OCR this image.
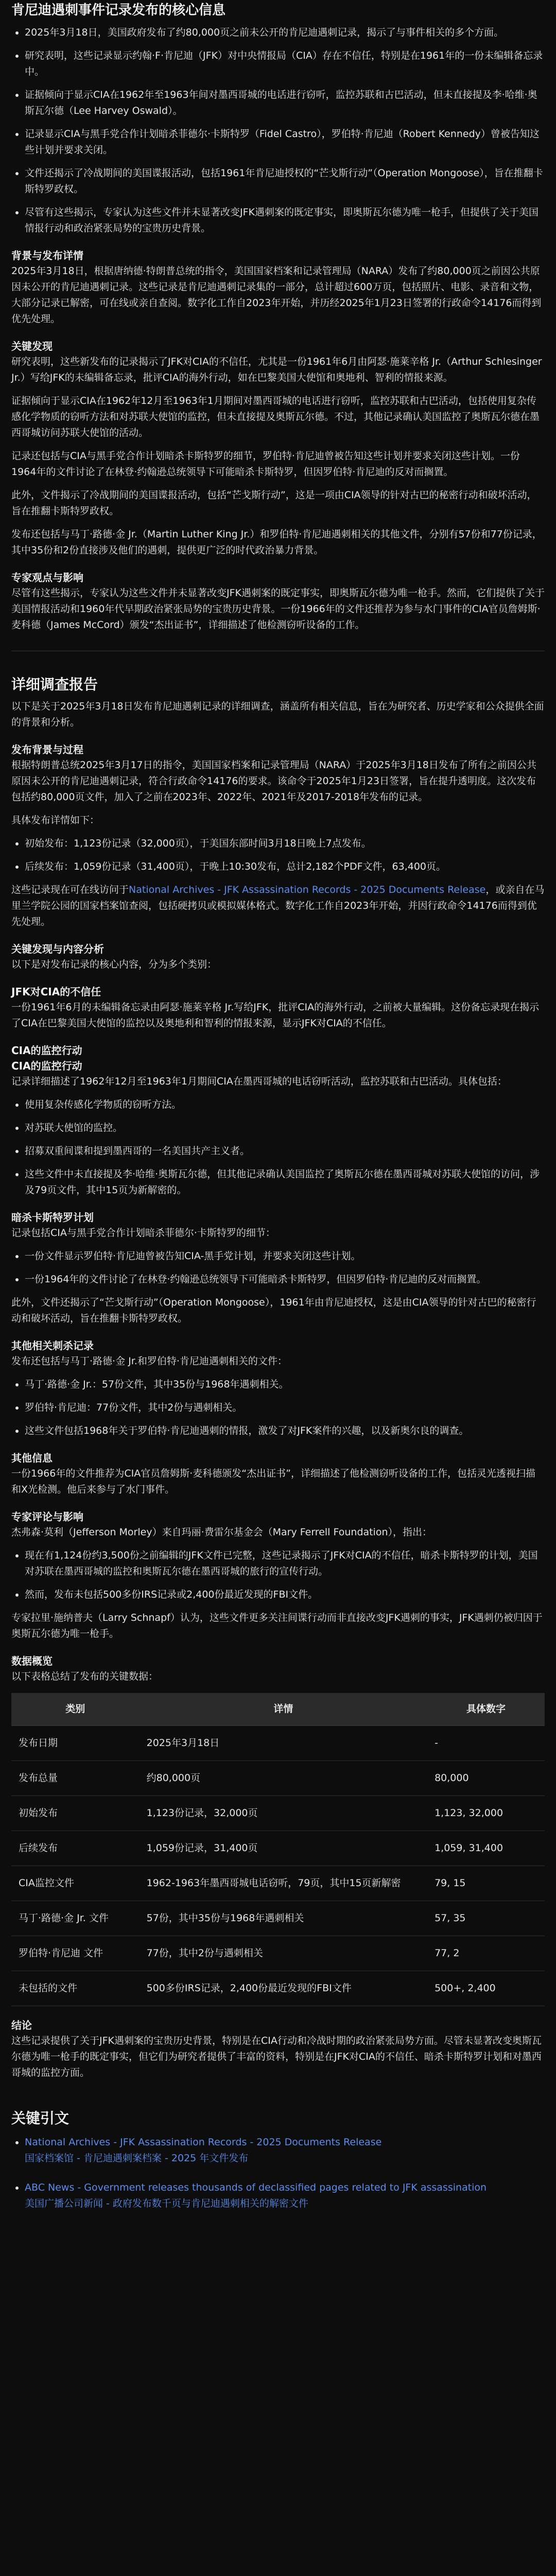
肯尼迪遇刺事件记录发布的核心信息
• 2025年3月18日，美国政府发布了约80,000页之前未公开的肯尼迪遇刺记录，揭示了与事件相关的多个方面。
• 研究表明，这些记录显示约翰·F·肯尼迪（JFK）对中央情报局（CIA）存在不信任，特别是在1961年的一份未编辑备忘录中。
• 证据倾向于显示CIA在1962年至1963年间对墨西哥城的电话进行窃听，监控苏联和古巴活动，但未直接提及李·哈维·奥斯瓦尔德（Lee Harvey Oswald）。
• 记录显示CIA与黑手党合作计划暗杀菲德尔·卡斯特罗（Fidel Castro），罗伯特·肯尼迪（Robert Kennedy）曾被告知这些计划并要求关闭。
• 文件还揭示了冷战期间的美国谍报活动，包括1961年肯尼迪授权的“芒戈斯行动”（Operation Mongoose），旨在推翻卡斯特罗政权。
• 尽管有这些揭示，专家认为这些文件并未显著改变JFK遇刺案的既定事实，即奥斯瓦尔德为唯一枪手，但提供了关于美国情报行动和政治紧张局势的宝贵历史背景。
背景与发布详情

2025年3月18日，根据唐纳德·特朗普总统的指令，美国国家档案和记录管理局（NARA）发布了约80,000页之前因公共原因未公开的肯尼迪遇刺记录。这些记录是肯尼迪遇刺记录集的一部分，总计超过600万页，包括照片、电影、录音和文物，大部分记录已解密，可在线或亲自查阅。数字化工作自2023年开始，并历经2025年1月23日签署的行政命令14176而得到优先处理。

关键发现

研究表明，这些新发布的记录揭示了JFK对CIA的不信任，尤其是一份1961年6月由阿瑟·施莱辛格 Jr.（Arthur Schlesinger Jr.）写给JFK的未编辑备忘录，批评CIA的海外行动，如在巴黎美国大使馆和奥地利、智利的情报来源。

证据倾向于显示CIA在1962年12月至1963年1月期间对墨西哥城的电话进行窃听，监控苏联和古巴活动，包括使用复杂传感化学物质的窃听方法和对苏联大使馆的监控，但未直接提及奥斯瓦尔德。不过，其他记录确认美国监控了奥斯瓦尔德在墨西哥城访问苏联大使馆的活动。

记录还包括与CIA与黑手党合作计划暗杀卡斯特罗的细节，罗伯特·肯尼迪曾被告知这些计划并要求关闭这些计划。一份1964年的文件讨论了在林登·约翰逊总统领导下可能暗杀卡斯特罗，但因罗伯特·肯尼迪的反对而搁置。

此外，文件揭示了冷战期间的美国谍报活动，包括“芒戈斯行动”，这是一项由CIA领导的针对古巴的秘密行动和破坏活动，旨在推翻卡斯特罗政权。

发布还包括与马丁·路德·金 Jr.（Martin Luther King Jr.）和罗伯特·肯尼迪遇刺相关的其他文件，分别有57份和77份记录，其中35份和2份直接涉及他们的遇刺，提供更广泛的时代政治暴力背景。

专家观点与影响

尽管有这些揭示，专家认为这些文件并未显著改变JFK遇刺案的既定事实，即奥斯瓦尔德为唯一枪手。然而，它们提供了关于美国情报活动和1960年代早期政治紧张局势的宝贵历史背景。一份1966年的文件还推荐为参与水门事件的CIA官员詹姆斯·麦科德（James McCord）颁发“杰出证书”，详细描述了他检测窃听设备的工作。

详细调查报告

以下是关于2025年3月18日发布肯尼迪遇刺记录的详细调查，涵盖所有相关信息，旨在为研究者、历史学家和公众提供全面的背景和分析。

发布背景与过程

根据特朗普总统2025年3月17日的指令，美国国家档案和记录管理局（NARA）于2025年3月18日发布了所有之前因公共原因未公开的肯尼迪遇刺记录，符合行政命令14176的要求。该命令于2025年1月23日签署，旨在提升透明度。这次发布包括约80,000页文件，加入了之前在2023年、2022年、2021年及2017-2018年发布的记录。

具体发布详情如下：

• 初始发布：1,123份记录（32,000页），于美国东部时间3月18日晚上7点发布。
• 后续发布：1,059份记录（31,400页），于晚上10:30发布，总计2,182个PDF文件，63,400页。

这些记录现在可在线访问于National Archives - JFK Assassination Records - 2025 Documents Release，或亲自在马里兰学院公园的国家档案馆查阅，包括硬拷贝或模拟媒体格式。数字化工作自2023年开始，并因行政命令14176而得到优先处理。

关键发现与内容分析

以下是对发布记录的核心内容，分为多个类别：

JFK对CIA的不信任

一份1961年6月的未编辑备忘录由阿瑟·施莱辛格 Jr.写给JFK，批评CIA的海外行动，之前被大量编辑。这份备忘录现在揭示了CIA在巴黎美国大使馆的监控以及奥地利和智利的情报来源，显示JFK对CIA的不信任。

CIA的监控行动
CIA的监控行动

记录详细描述了1962年12月至1963年1月期间CIA在墨西哥城的电话窃听活动，监控苏联和古巴活动。具体包括：

• 使用复杂传感化学物质的窃听方法。
• 对苏联大使馆的监控。
• 招募双重间谍和提到墨西哥的一名美国共产主义者。
• 这些文件中未直接提及李·哈维·奥斯瓦尔德，但其他记录确认美国监控了奥斯瓦尔德在墨西哥城对苏联大使馆的访问，涉及79页文件，其中15页为新解密的。
暗杀卡斯特罗计划

记录包括CIA与黑手党合作计划暗杀菲德尔·卡斯特罗的细节：

• 一份文件显示罗伯特·肯尼迪曾被告知CIA-黑手党计划，并要求关闭这些计划。
• 一份1964年的文件讨论了在林登·约翰逊总统领导下可能暗杀卡斯特罗，但因罗伯特·肯尼迪的反对而搁置。

此外，文件还揭示了“芒戈斯行动”（Operation Mongoose），1961年由肯尼迪授权，这是由CIA领导的针对古巴的秘密行动和破坏活动，旨在推翻卡斯特罗政权。

其他相关刺杀记录

发布还包括与马丁·路德·金 Jr.和罗伯特·肯尼迪遇刺相关的文件：

• 马丁·路德·金 Jr.：57份文件，其中35份与1968年遇刺相关。
• 罗伯特·肯尼迪：77份文件，其中2份与遇刺相关。
• 这些文件包括1968年关于罗伯特·肯尼迪遇刺的情报，激发了对JFK案件的兴趣，以及新奥尔良的调查。
其他信息

一份1966年的文件推荐为CIA官员詹姆斯·麦科德颁发“杰出证书”，详细描述了他检测窃听设备的工作，包括灵光透视扫描和X光检测。他后来参与了水门事件。

专家评论与影响

杰弗森·莫利（Jefferson Morley）来自玛丽·费雷尔基金会（Mary Ferrell Foundation），指出：

• 现在有1,124份约3,500份之前编辑的JFK文件已完整，这些记录揭示了JFK对CIA的不信任，暗杀卡斯特罗的计划，美国对苏联在墨西哥城的监控和奥斯瓦尔德在墨西哥城的旅行的宣传行动。
• 然而，发布未包括500多份IRS记录或2,400份最近发现的FBI文件。

专家拉里·施纳普夫（Larry Schnapf）认为，这些文件更多关注间谍行动而非直接改变JFK遇刺的事实，JFK遇刺仍被归因于奥斯瓦尔德为唯一枪手。

数据概览

以下表格总结了发布的关键数据：

类别	详情	具体数字
发布日期	2025年3月18日	-
发布总量	约80,000页	80,000
初始发布	1,123份记录，32,000页	1,123, 32,000
后续发布	1,059份记录，31,400页	1,059, 31,400
CIA监控文件	1962-1963年墨西哥城电话窃听，79页，其中15页新解密	79, 15
马丁·路德·金 Jr. 文件	57份，其中35份与1968年遇刺相关	57, 35
罗伯特·肯尼迪 文件	77份，其中2份与遇刺相关	77, 2
未包括的文件	500多份IRS记录，2,400份最近发现的FBI文件	500+, 2,400
结论

这些记录提供了关于JFK遇刺案的宝贵历史背景，特别是在CIA行动和冷战时期的政治紧张局势方面。尽管未显著改变奥斯瓦尔德为唯一枪手的既定事实，但它们为研究者提供了丰富的资料，特别是在JFK对CIA的不信任、暗杀卡斯特罗计划和对墨西哥城的监控方面。

关键引文
• National Archives - JFK Assassination Records - 2025 Documents Release
国家档案馆 - 肯尼迪遇刺案档案 - 2025 年文件发布
• ABC News - Government releases thousands of declassified pages related to JFK assassination
美国广播公司新闻 - 政府发布数千页与肯尼迪遇刺相关的解密文件
